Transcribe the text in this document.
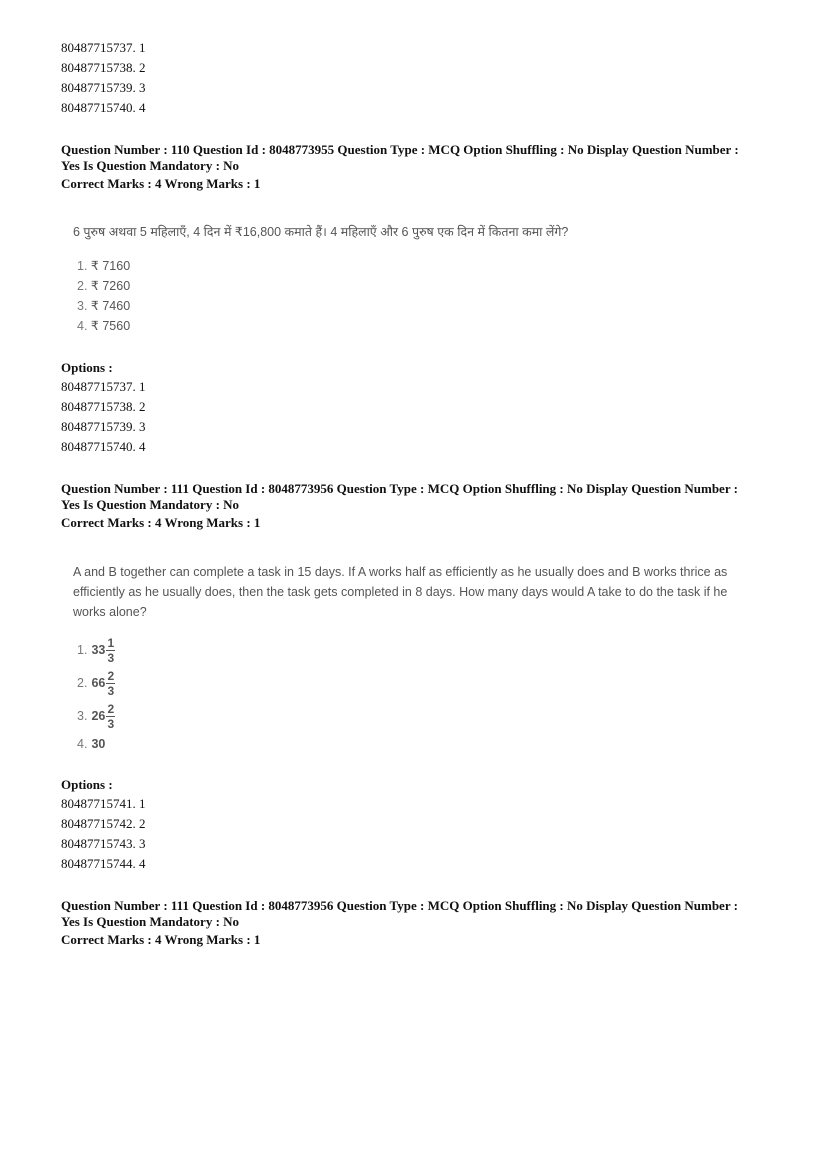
80487715737. 1
80487715738. 2
80487715739. 3
80487715740. 4
Question Number : 110 Question Id : 8048773955 Question Type : MCQ Option Shuffling : No Display Question Number :
Yes Is Question Mandatory : No
Correct Marks : 4 Wrong Marks : 1
6 पुरुष अथवा 5 महिलाएँ, 4 दिन में ₹16,800 कमाते हैं। 4 महिलाएँ और 6 पुरुष एक दिन में कितना कमा लेंगे?
1. ₹ 7160
2. ₹ 7260
3. ₹ 7460
4. ₹ 7560
Options :
80487715737. 1
80487715738. 2
80487715739. 3
80487715740. 4
Question Number : 111 Question Id : 8048773956 Question Type : MCQ Option Shuffling : No Display Question Number :
Yes Is Question Mandatory : No
Correct Marks : 4 Wrong Marks : 1
A and B together can complete a task in 15 days. If A works half as efficiently as he usually does and B works thrice as
efficiently as he usually does, then the task gets completed in 8 days. How many days would A take to do the task if he
works alone?
1. $33 \frac{1}{3}$
2. $66 \frac{2}{3}$
3. $26 \frac{2}{3}$
4. 30
Options :
80487715741. 1
80487715742. 2
80487715743. 3
80487715744. 4
Question Number : 111 Question Id : 8048773956 Question Type : MCQ Option Shuffling : No Display Question Number :
Yes Is Question Mandatory : No
Correct Marks : 4 Wrong Marks : 1
